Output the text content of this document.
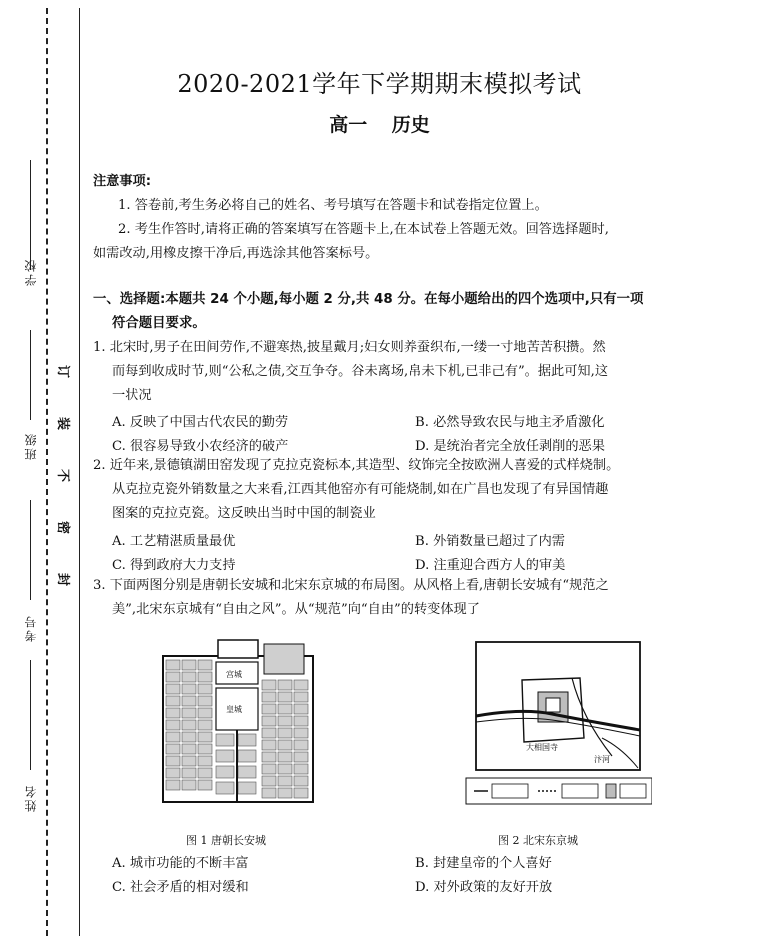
学校
班级
考号
姓名
订
装
不
密
封
2020-2021学年下学期期末模拟考试
高一 历史
注意事项:
1. 答卷前,考生务必将自己的姓名、考号填写在答题卡和试卷指定位置上。
2. 考生作答时,请将正确的答案填写在答题卡上,在本试卷上答题无效。回答选择题时,
如需改动,用橡皮擦干净后,再选涂其他答案标号。
一、选择题:本题共 24 个小题,每小题 2 分,共 48 分。在每小题给出的四个选项中,只有一项
符合题目要求。
1. 北宋时,男子在田间劳作,不避寒热,披星戴月;妇女则养蚕织布,一缕一寸地苦苦积攒。然
而每到收成时节,则“公私之债,交互争夺。谷未离场,帛未下机,已非己有”。据此可知,这
一状况
A. 反映了中国古代农民的勤劳	B. 必然导致农民与地主矛盾激化
C. 很容易导致小农经济的破产	D. 是统治者完全放任剥削的恶果
2. 近年来,景德镇湖田窑发现了克拉克瓷标本,其造型、纹饰完全按欧洲人喜爱的式样烧制。
从克拉克瓷外销数量之大来看,江西其他窑亦有可能烧制,如在广昌也发现了有异国情趣
图案的克拉克瓷。这反映出当时中国的制瓷业
A. 工艺精湛质量最优	B. 外销数量已超过了内需
C. 得到政府大力支持	D. 注重迎合西方人的审美
3. 下面两图分别是唐朝长安城和北宋东京城的布局图。从风格上看,唐朝长安城有“规范之
美”,北宋东京城有“自由之风”。从“规范”向“自由”的转变体现了
宫城
皇城
图 1 唐朝长安城
大相国寺
汴河
图 2 北宋东京城
A. 城市功能的不断丰富	B. 封建皇帝的个人喜好
C. 社会矛盾的相对缓和	D. 对外政策的友好开放
